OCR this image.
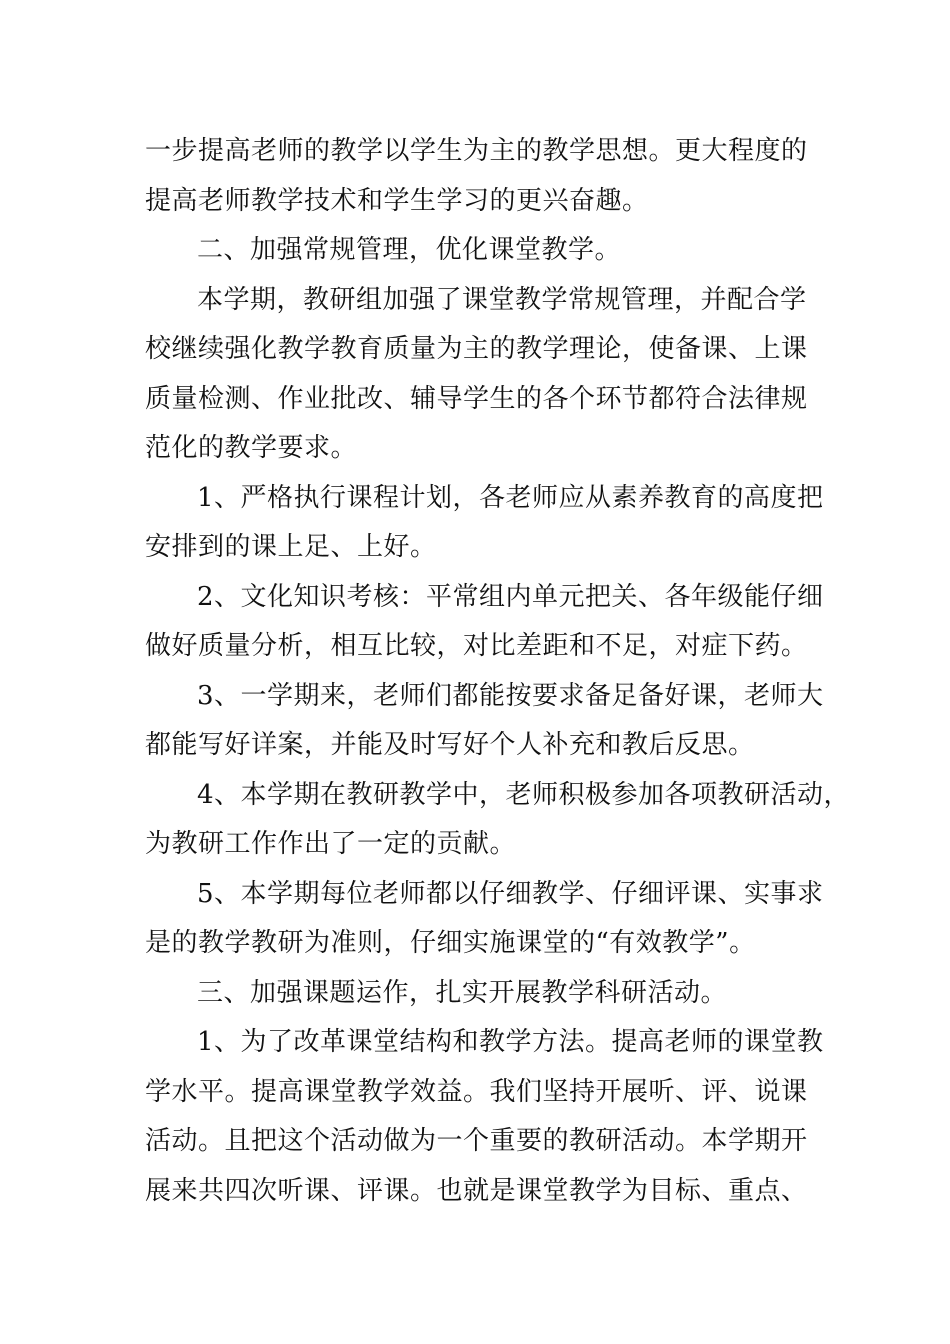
一步提高老师的教学以学生为主的教学思想。更大程度的
提高老师教学技术和学生学习的更兴奋趣。
二、加强常规管理，优化课堂教学。
本学期，教研组加强了课堂教学常规管理，并配合学
校继续强化教学教育质量为主的教学理论，使备课、上课
质量检测、作业批改、辅导学生的各个环节都符合法律规
范化的教学要求。
1、严格执行课程计划，各老师应从素养教育的高度把
安排到的课上足、上好。
2、文化知识考核：平常组内单元把关、各年级能仔细
做好质量分析，相互比较，对比差距和不足，对症下药。
3、一学期来，老师们都能按要求备足备好课，老师大
都能写好详案，并能及时写好个人补充和教后反思。
4、本学期在教研教学中，老师积极参加各项教研活动，
为教研工作作出了一定的贡献。
5、本学期每位老师都以仔细教学、仔细评课、实事求
是的教学教研为准则，仔细实施课堂的“有效教学”。
三、加强课题运作，扎实开展教学科研活动。
1、为了改革课堂结构和教学方法。提高老师的课堂教
学水平。提高课堂教学效益。我们坚持开展听、评、说课
活动。且把这个活动做为一个重要的教研活动。本学期开
展来共四次听课、评课。也就是课堂教学为目标、重点、
